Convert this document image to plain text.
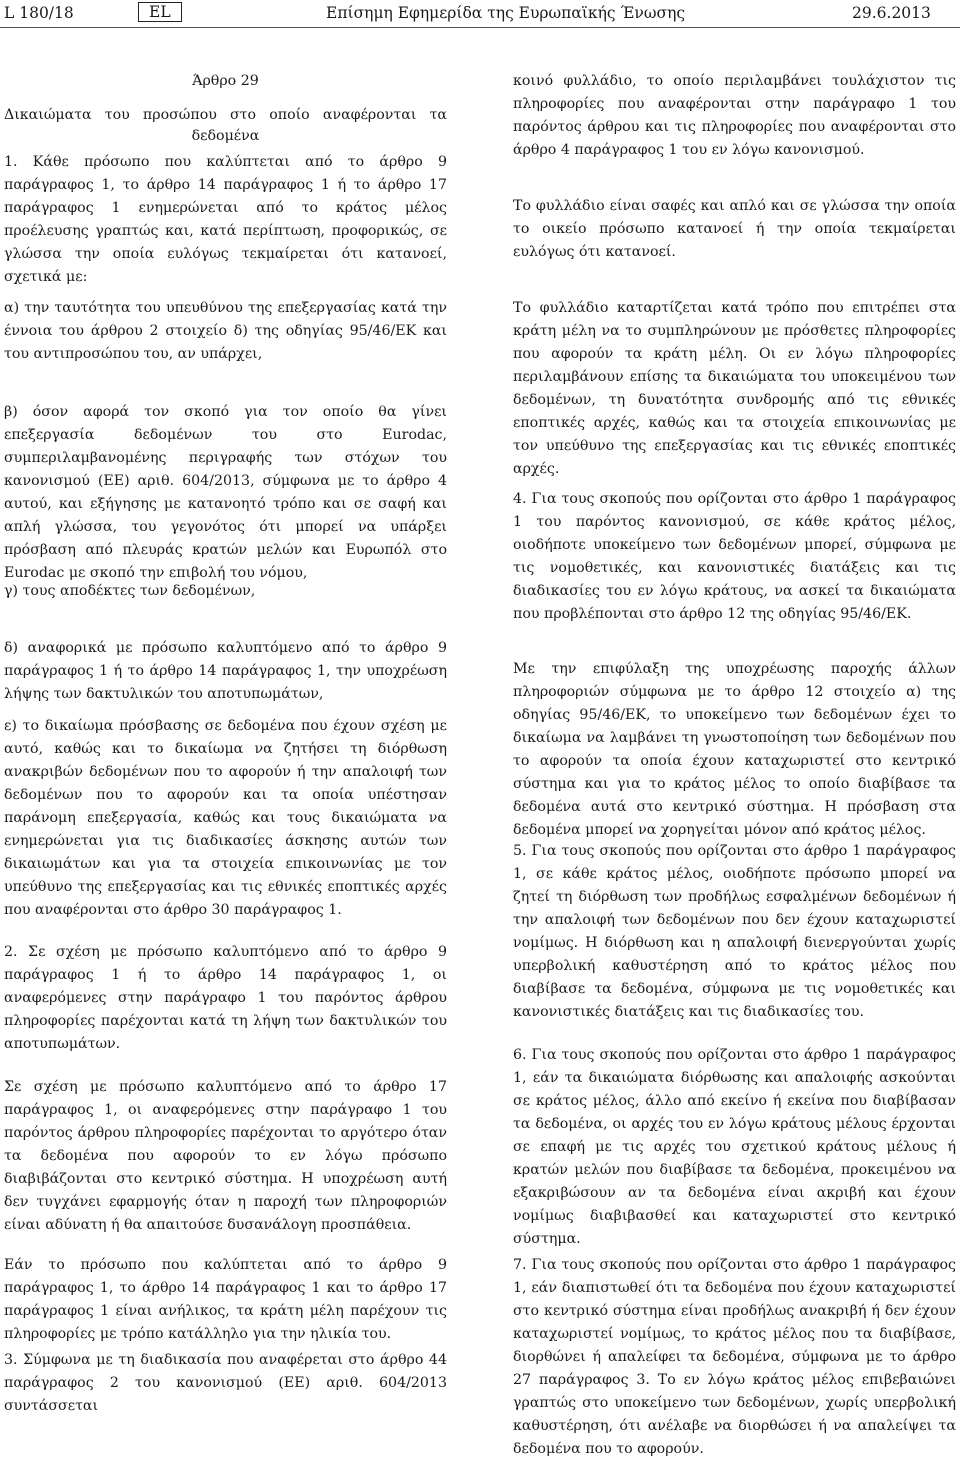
L 180/18	EL	Επίσημη Εφημερίδα της Ευρωπαϊκής Ένωσης	29.6.2013

Άρθρο 29

Δικαιώματα του προσώπου στο οποίο αναφέρονται τα

δεδομένα

1. Κάθε πρόσωπο που καλύπτεται από το άρθρο 9 παράγραφος 1, το άρθρο 14 παράγραφος 1 ή το άρθρο 17 παράγραφος 1 ενημερώνεται από το κράτος μέλος προέλευσης γραπτώς και, κατά περίπτωση, προφορικώς, σε γλώσσα την οποία ευλόγως τεκμαίρεται ότι κατανοεί, σχετικά με:

α) την ταυτότητα του υπευθύνου της επεξεργασίας κατά την έννοια του άρθρου 2 στοιχείο δ) της οδηγίας 95/46/ΕΚ και του αντιπροσώπου του, αν υπάρχει,

β) όσον αφορά τον σκοπό για τον οποίο θα γίνει επεξεργασία δεδομένων του στο Eurodac, συμπεριλαμβανομένης περιγραφής των στόχων του κανονισμού (ΕΕ) αριθ. 604/2013, σύμφωνα με το άρθρο 4 αυτού, και εξήγησης με κατανοητό τρόπο και σε σαφή και απλή γλώσσα, του γεγονότος ότι μπορεί να υπάρξει πρόσβαση από πλευράς κρατών μελών και Ευρωπόλ στο Eurodac με σκοπό την επιβολή του νόμου,

γ) τους αποδέκτες των δεδομένων,

δ) αναφορικά με πρόσωπο καλυπτόμενο από το άρθρο 9 παράγραφος 1 ή το άρθρο 14 παράγραφος 1, την υποχρέωση λήψης των δακτυλικών του αποτυπωμάτων,

ε) το δικαίωμα πρόσβασης σε δεδομένα που έχουν σχέση με αυτό, καθώς και το δικαίωμα να ζητήσει τη διόρθωση ανακριβών δεδομένων που το αφορούν ή την απαλοιφή των δεδομένων που το αφορούν και τα οποία υπέστησαν παράνομη επεξεργασία, καθώς και τους δικαιώματα να ενημερώνεται για τις διαδικασίες άσκησης αυτών των δικαιωμάτων και για τα στοιχεία επικοινωνίας με τον υπεύθυνο της επεξεργασίας και τις εθνικές εποπτικές αρχές που αναφέρονται στο άρθρο 30 παράγραφος 1.

2. Σε σχέση με πρόσωπο καλυπτόμενο από το άρθρο 9 παράγραφος 1 ή το άρθρο 14 παράγραφος 1, οι αναφερόμενες στην παράγραφο 1 του παρόντος άρθρου πληροφορίες παρέχονται κατά τη λήψη των δακτυλικών του αποτυπωμάτων.

Σε σχέση με πρόσωπο καλυπτόμενο από το άρθρο 17 παράγραφος 1, οι αναφερόμενες στην παράγραφο 1 του παρόντος άρθρου πληροφορίες παρέχονται το αργότερο όταν τα δεδομένα που αφορούν το εν λόγω πρόσωπο διαβιβάζονται στο κεντρικό σύστημα. Η υποχρέωση αυτή δεν τυγχάνει εφαρμογής όταν η παροχή των πληροφοριών είναι αδύνατη ή θα απαιτούσε δυσανάλογη προσπάθεια.

Εάν το πρόσωπο που καλύπτεται από το άρθρο 9 παράγραφος 1, το άρθρο 14 παράγραφος 1 και το άρθρο 17 παράγραφος 1 είναι ανήλικος, τα κράτη μέλη παρέχουν τις πληροφορίες με τρόπο κατάλληλο για την ηλικία του.

3. Σύμφωνα με τη διαδικασία που αναφέρεται στο άρθρο 44 παράγραφος 2 του κανονισμού (ΕΕ) αριθ. 604/2013 συντάσσεται

κοινό φυλλάδιο, το οποίο περιλαμβάνει τουλάχιστον τις πληροφορίες που αναφέρονται στην παράγραφο 1 του παρόντος άρθρου και τις πληροφορίες που αναφέρονται στο άρθρο 4 παράγραφος 1 του εν λόγω κανονισμού.

Το φυλλάδιο είναι σαφές και απλό και σε γλώσσα την οποία το οικείο πρόσωπο κατανοεί ή την οποία τεκμαίρεται ευλόγως ότι κατανοεί.

Το φυλλάδιο καταρτίζεται κατά τρόπο που επιτρέπει στα κράτη μέλη να το συμπληρώνουν με πρόσθετες πληροφορίες που αφορούν τα κράτη μέλη. Οι εν λόγω πληροφορίες περιλαμβάνουν επίσης τα δικαιώματα του υποκειμένου των δεδομένων, τη δυνατότητα συνδρομής από τις εθνικές εποπτικές αρχές, καθώς και τα στοιχεία επικοινωνίας με τον υπεύθυνο της επεξεργασίας και τις εθνικές εποπτικές αρχές.

4. Για τους σκοπούς που ορίζονται στο άρθρο 1 παράγραφος 1 του παρόντος κανονισμού, σε κάθε κράτος μέλος, οιοδήποτε υποκείμενο των δεδομένων μπορεί, σύμφωνα με τις νομοθετικές, και κανονιστικές διατάξεις και τις διαδικασίες του εν λόγω κράτους, να ασκεί τα δικαιώματα που προβλέπονται στο άρθρο 12 της οδηγίας 95/46/ΕΚ.

Με την επιφύλαξη της υποχρέωσης παροχής άλλων πληροφοριών σύμφωνα με το άρθρο 12 στοιχείο α) της οδηγίας 95/46/ΕΚ, το υποκείμενο των δεδομένων έχει το δικαίωμα να λαμβάνει τη γνωστοποίηση των δεδομένων που το αφορούν τα οποία έχουν καταχωριστεί στο κεντρικό σύστημα και για το κράτος μέλος το οποίο διαβίβασε τα δεδομένα αυτά στο κεντρικό σύστημα. Η πρόσβαση στα δεδομένα μπορεί να χορηγείται μόνον από κράτος μέλος.

5. Για τους σκοπούς που ορίζονται στο άρθρο 1 παράγραφος 1, σε κάθε κράτος μέλος, οιοδήποτε πρόσωπο μπορεί να ζητεί τη διόρθωση των προδήλως εσφαλμένων δεδομένων ή την απαλοιφή των δεδομένων που δεν έχουν καταχωριστεί νομίμως. Η διόρθωση και η απαλοιφή διενεργούνται χωρίς υπερβολική καθυστέρηση από το κράτος μέλος που διαβίβασε τα δεδομένα, σύμφωνα με τις νομοθετικές και κανονιστικές διατάξεις και τις διαδικασίες του.

6. Για τους σκοπούς που ορίζονται στο άρθρο 1 παράγραφος 1, εάν τα δικαιώματα διόρθωσης και απαλοιφής ασκούνται σε κράτος μέλος, άλλο από εκείνο ή εκείνα που διαβίβασαν τα δεδομένα, οι αρχές του εν λόγω κράτους μέλους έρχονται σε επαφή με τις αρχές του σχετικού κράτους μέλους ή κρατών μελών που διαβίβασε τα δεδομένα, προκειμένου να εξακριβώσουν αν τα δεδομένα είναι ακριβή και έχουν νομίμως διαβιβασθεί και καταχωριστεί στο κεντρικό σύστημα.

7. Για τους σκοπούς που ορίζονται στο άρθρο 1 παράγραφος 1, εάν διαπιστωθεί ότι τα δεδομένα που έχουν καταχωριστεί στο κεντρικό σύστημα είναι προδήλως ανακριβή ή δεν έχουν καταχωριστεί νομίμως, το κράτος μέλος που τα διαβίβασε, διορθώνει ή απαλείφει τα δεδομένα, σύμφωνα με το άρθρο 27 παράγραφος 3. Το εν λόγω κράτος μέλος επιβεβαιώνει γραπτώς στο υποκείμενο των δεδομένων, χωρίς υπερβολική καθυστέρηση, ότι ανέλαβε να διορθώσει ή να απαλείψει τα δεδομένα που το αφορούν.
